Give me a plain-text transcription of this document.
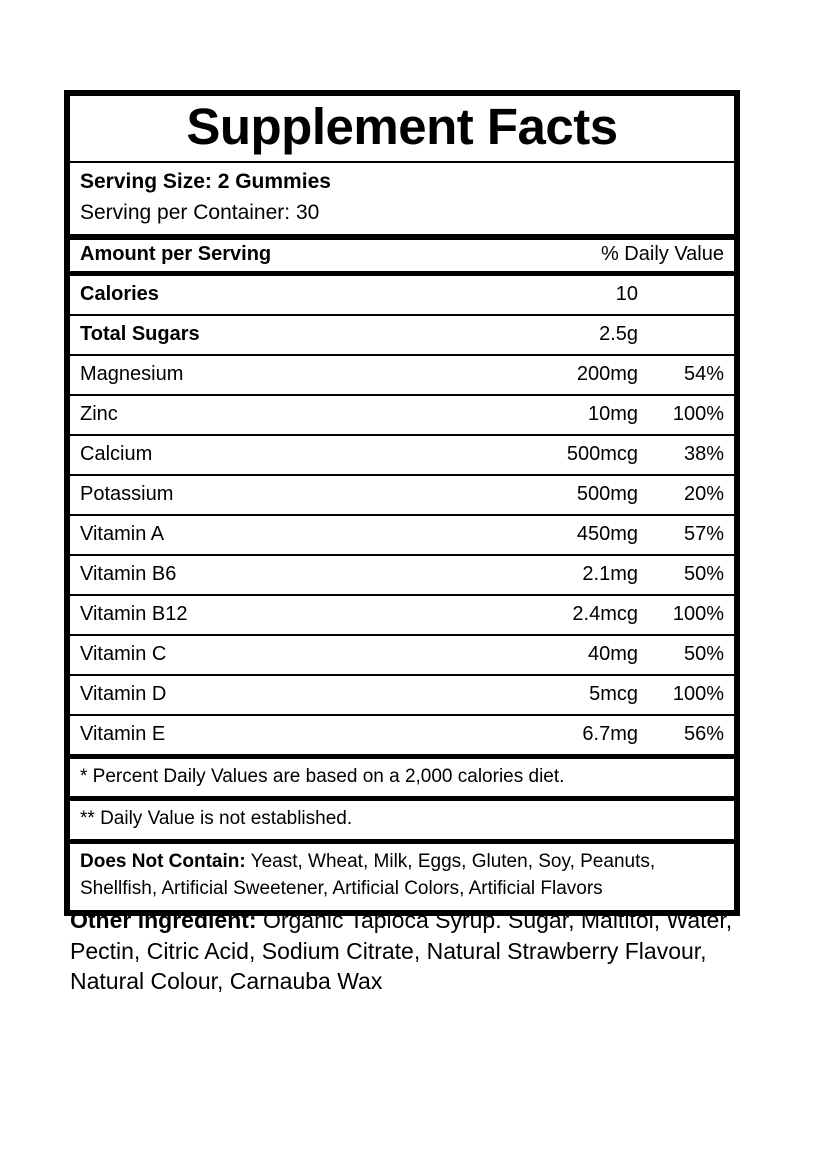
Supplement Facts
Serving Size: 2 Gummies
Serving per Container: 30
Amount per Serving	% Daily Value
Calories	10
Total Sugars	2.5g
Magnesium	200mg	54%
Zinc	10mg	100%
Calcium	500mcg	38%
Potassium	500mg	20%
Vitamin A	450mg	57%
Vitamin B6	2.1mg	50%
Vitamin B12	2.4mcg	100%
Vitamin C	40mg	50%
Vitamin D	5mcg	100%
Vitamin E	6.7mg	56%
* Percent Daily Values are based on a 2,000 calories diet.
** Daily Value is not established.
Does Not Contain: Yeast, Wheat, Milk, Eggs, Gluten, Soy, Peanuts, Shellfish, Artificial Sweetener, Artificial Colors, Artificial Flavors
Other ingredient: Organic Tapioca Syrup. Sugar, Maltitol, Water, Pectin, Citric Acid, Sodium Citrate, Natural Strawberry Flavour, Natural Colour, Carnauba Wax
